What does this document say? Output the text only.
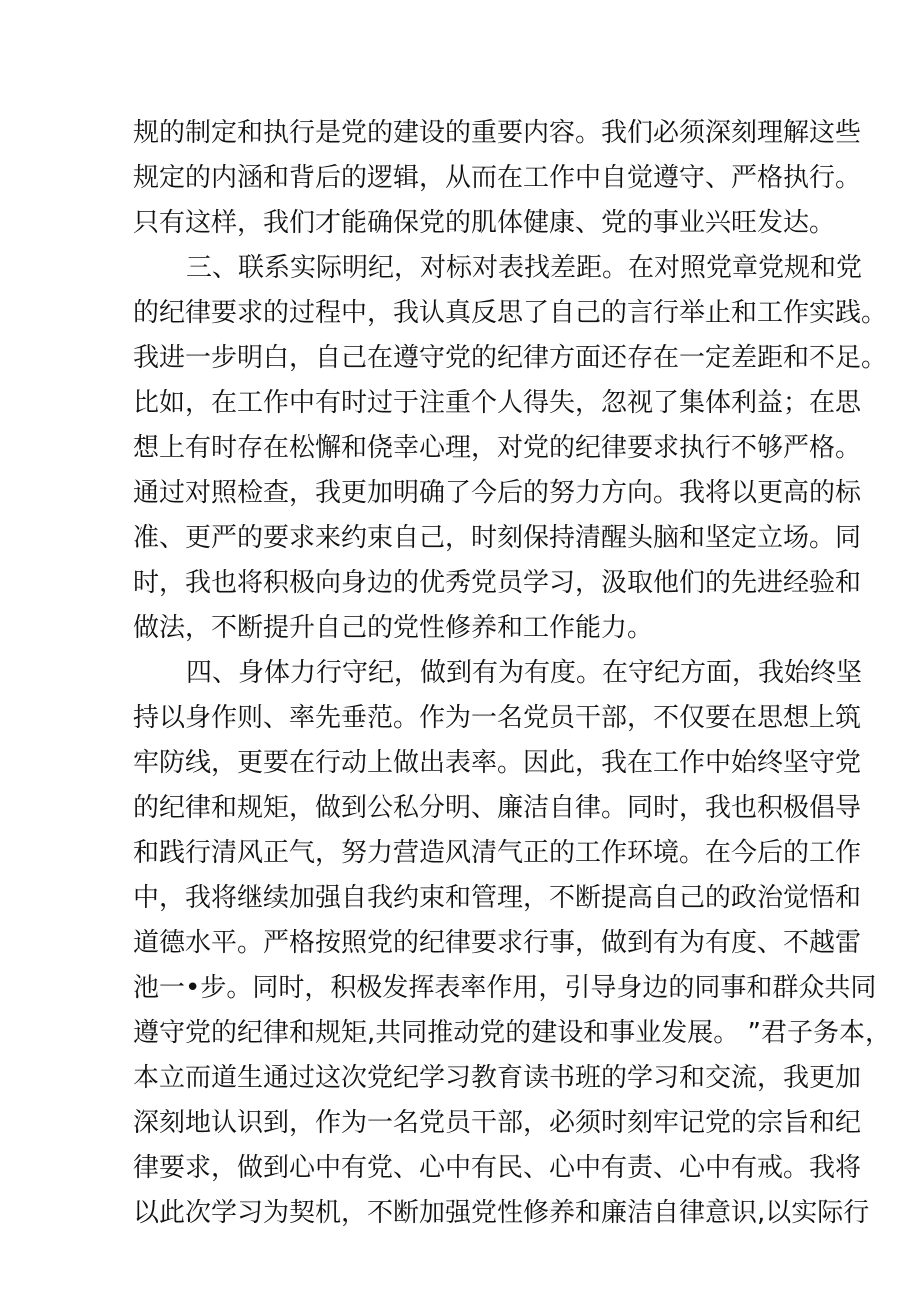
规的制定和执行是党的建设的重要内容。我们必须深刻理解这些

规定的内涵和背后的逻辑，从而在工作中自觉遵守、严格执行。

只有这样，我们才能确保党的肌体健康、党的事业兴旺发达。

三、联系实际明纪，对标对表找差距。在对照党章党规和党

的纪律要求的过程中，我认真反思了自己的言行举止和工作实践。

我进一步明白，自己在遵守党的纪律方面还存在一定差距和不足。

比如，在工作中有时过于注重个人得失，忽视了集体利益；在思

想上有时存在松懈和侥幸心理，对党的纪律要求执行不够严格。

通过对照检查，我更加明确了今后的努力方向。我将以更高的标

准、更严的要求来约束自己，时刻保持清醒头脑和坚定立场。同

时，我也将积极向身边的优秀党员学习，汲取他们的先进经验和

做法，不断提升自己的党性修养和工作能力。

四、身体力行守纪，做到有为有度。在守纪方面，我始终坚

持以身作则、率先垂范。作为一名党员干部，不仅要在思想上筑

牢防线，更要在行动上做出表率。因此，我在工作中始终坚守党

的纪律和规矩，做到公私分明、廉洁自律。同时，我也积极倡导

和践行清风正气，努力营造风清气正的工作环境。在今后的工作

中，我将继续加强自我约束和管理，不断提高自己的政治觉悟和

道德水平。严格按照党的纪律要求行事，做到有为有度、不越雷

池一•步。同时，积极发挥表率作用，引导身边的同事和群众共同

遵守党的纪律和规矩,共同推动党的建设和事业发展。 ”君子务本，

本立而道生通过这次党纪学习教育读书班的学习和交流，我更加

深刻地认识到，作为一名党员干部，必须时刻牢记党的宗旨和纪

律要求，做到心中有党、心中有民、心中有责、心中有戒。我将

以此次学习为契机，不断加强党性修养和廉洁自律意识,以实际行
